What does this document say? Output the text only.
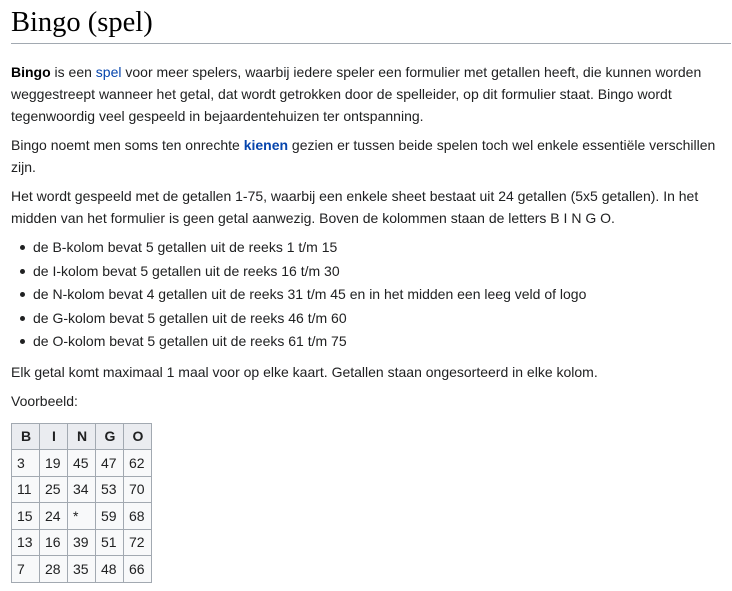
Bingo (spel)

Bingo is een spel voor meer spelers, waarbij iedere speler een formulier met getallen heeft, die kunnen worden weggestreept wanneer het getal, dat wordt getrokken door de spelleider, op dit formulier staat. Bingo wordt tegenwoordig veel gespeeld in bejaardentehuizen ter ontspanning.

Bingo noemt men soms ten onrechte kienen gezien er tussen beide spelen toch wel enkele essentiële verschillen zijn.

Het wordt gespeeld met de getallen 1-75, waarbij een enkele sheet bestaat uit 24 getallen (5x5 getallen). In het midden van het formulier is geen getal aanwezig. Boven de kolommen staan de letters B I N G O.

de B-kolom bevat 5 getallen uit de reeks 1 t/m 15
de I-kolom bevat 5 getallen uit de reeks 16 t/m 30
de N-kolom bevat 4 getallen uit de reeks 31 t/m 45 en in het midden een leeg veld of logo
de G-kolom bevat 5 getallen uit de reeks 46 t/m 60
de O-kolom bevat 5 getallen uit de reeks 61 t/m 75

Elk getal komt maximaal 1 maal voor op elke kaart. Getallen staan ongesorteerd in elke kolom.

Voorbeeld:

B	I	N	G	O
3	19	45	47	62
11	25	34	53	70
15	24	*	59	68
13	16	39	51	72
7	28	35	48	66
